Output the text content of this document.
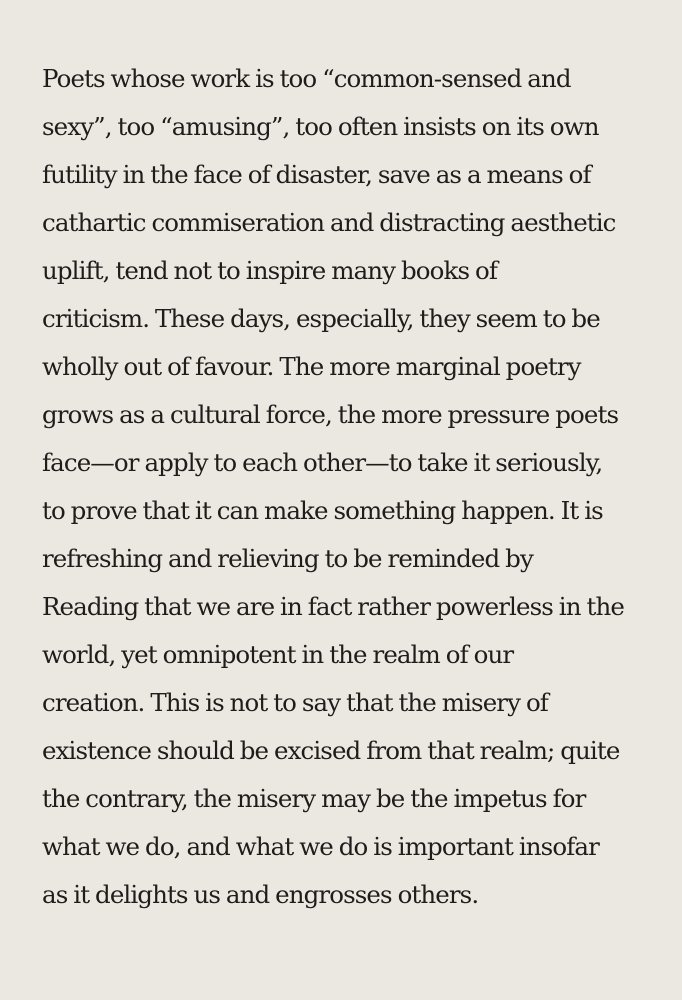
Poets whose work is too “common-sensed and
sexy”, too “amusing”, too often insists on its own
futility in the face of disaster, save as a means of
cathartic commiseration and distracting aesthetic
uplift, tend not to inspire many books of
criticism. These days, especially, they seem to be
wholly out of favour. The more marginal poetry
grows as a cultural force, the more pressure poets
face—or apply to each other—to take it seriously,
to prove that it can make something happen. It is
refreshing and relieving to be reminded by
Reading that we are in fact rather powerless in the
world, yet omnipotent in the realm of our
creation. This is not to say that the misery of
existence should be excised from that realm; quite
the contrary, the misery may be the impetus for
what we do, and what we do is important insofar
as it delights us and engrosses others.
